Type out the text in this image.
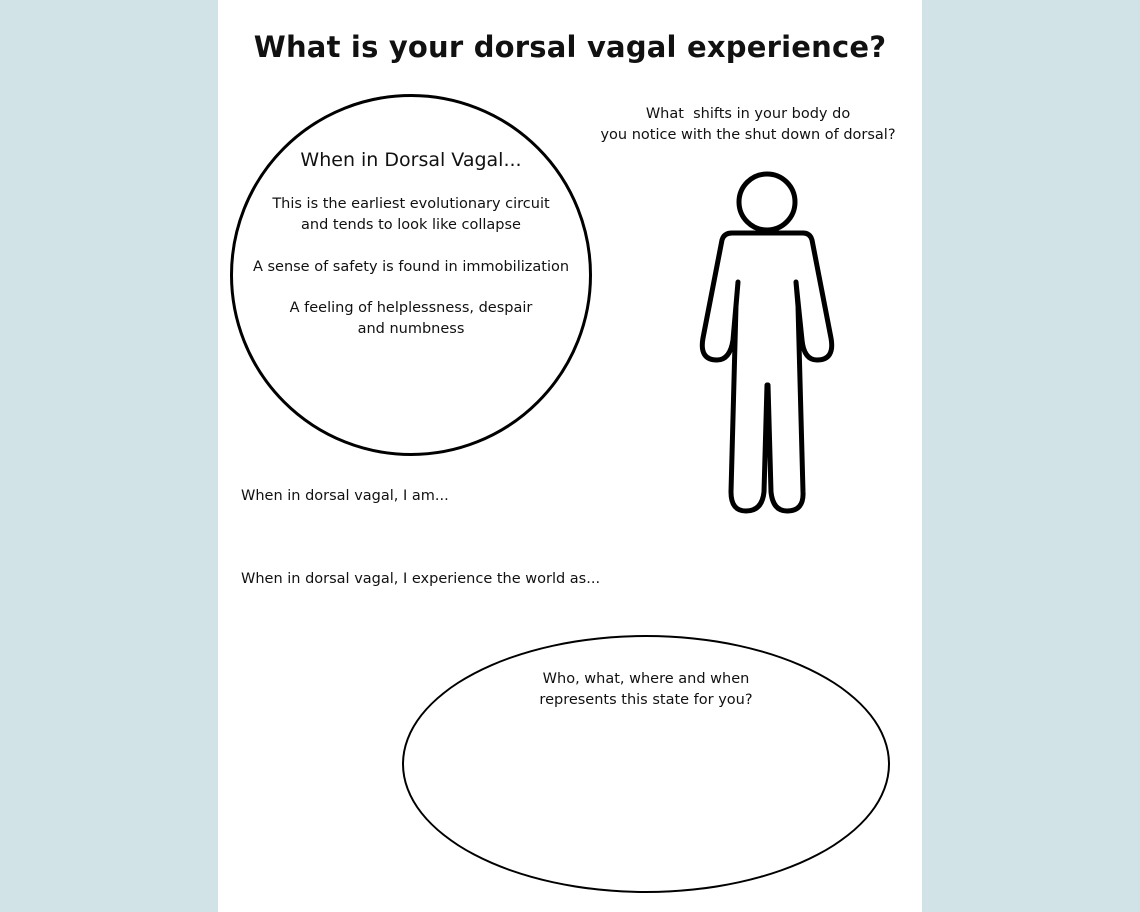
What is your dorsal vagal experience?

When in Dorsal Vagal...

This is the earliest evolutionary circuit and tends to look like collapse

A sense of safety is found in immobilization

A feeling of helplessness, despair and numbness

What  shifts in your body do
you notice with the shut down of dorsal?

When in dorsal vagal, I am...

When in dorsal vagal, I experience the world as...

Who, what, where and when
represents this state for you?
